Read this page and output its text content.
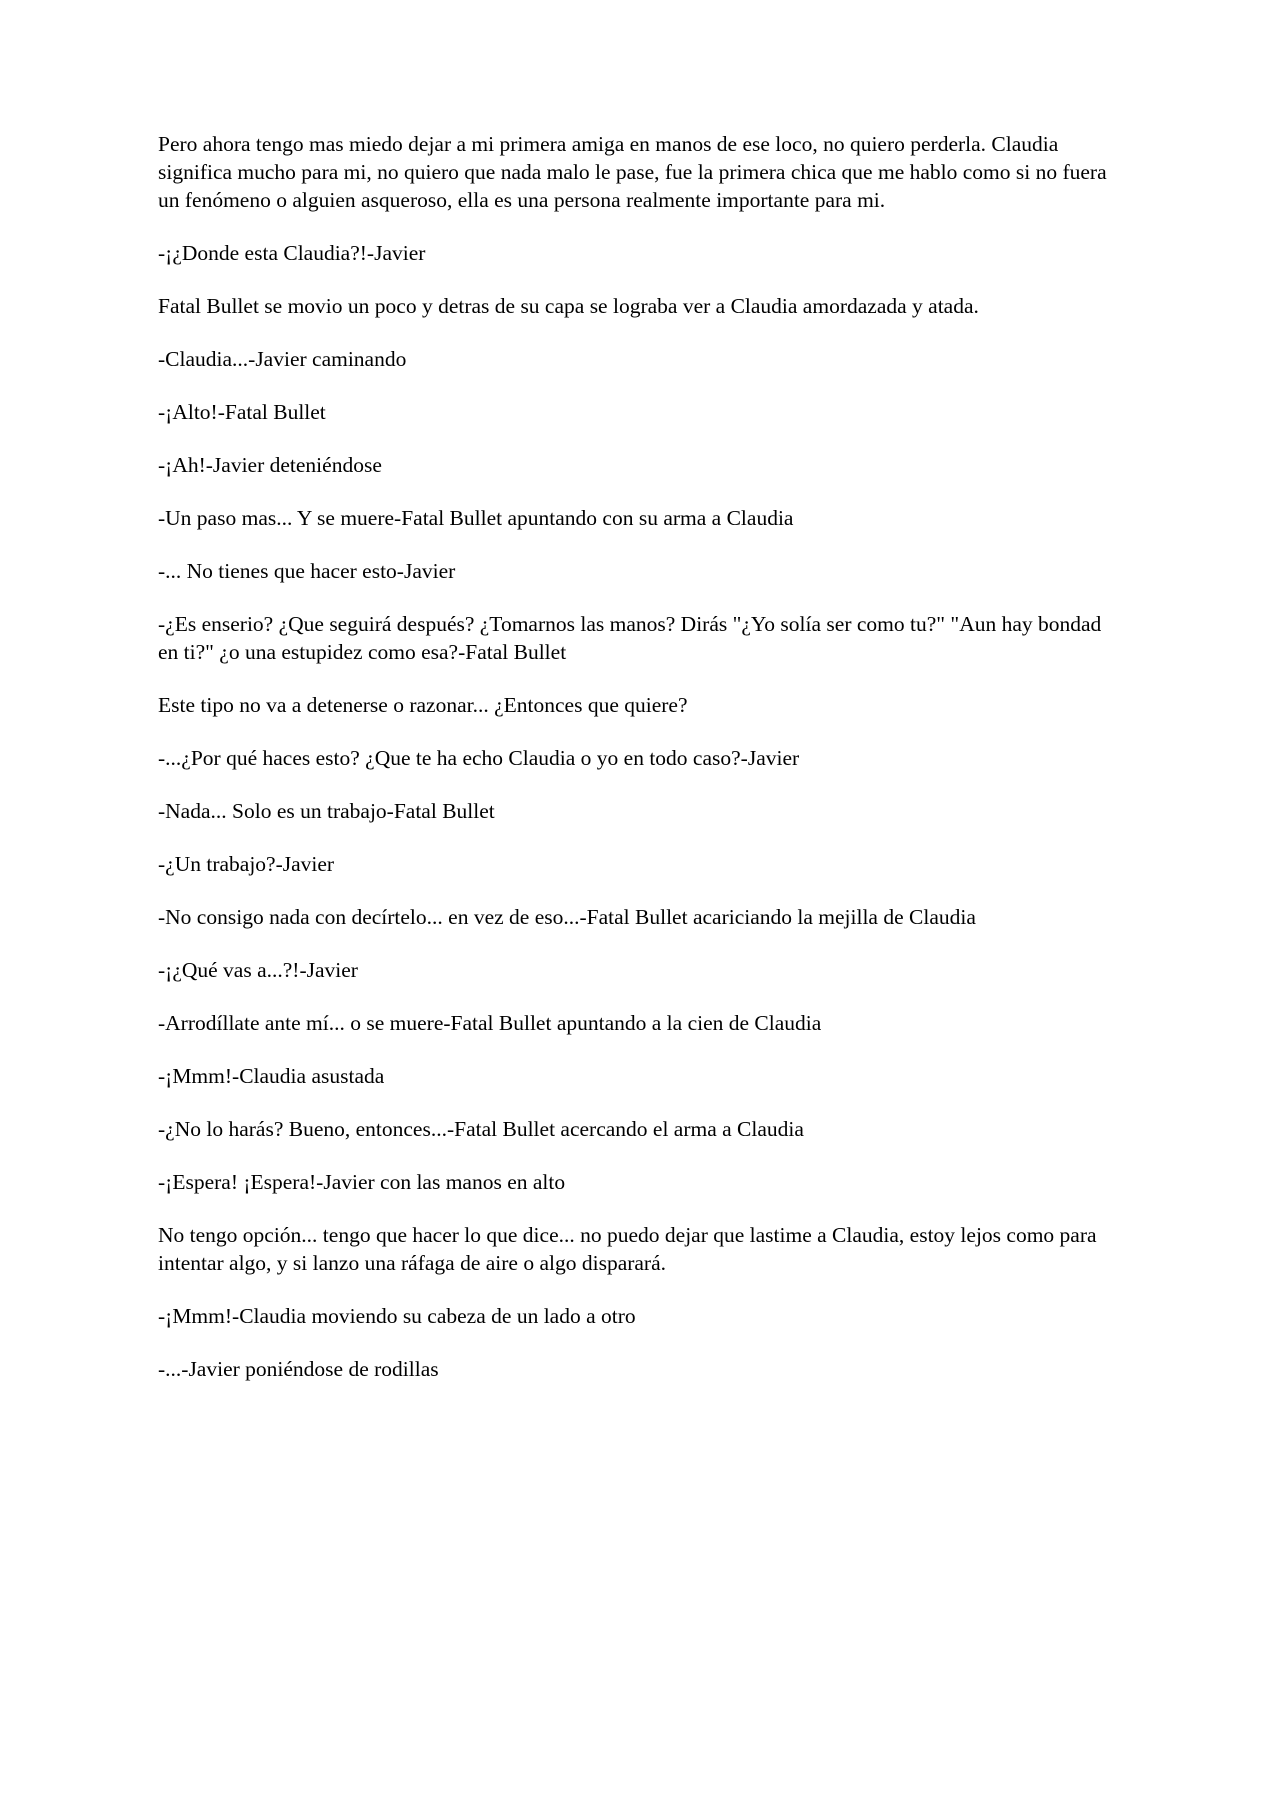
Pero ahora tengo mas miedo dejar a mi primera amiga en manos de ese loco, no quiero perderla. Claudia significa mucho para mi, no quiero que nada malo le pase, fue la primera chica que me hablo como si no fuera un fenómeno o alguien asqueroso, ella es una persona realmente importante para mi.

-¡¿Donde esta Claudia?!-Javier

Fatal Bullet se movio un poco y detras de su capa se lograba ver a Claudia amordazada y atada.

-Claudia...-Javier caminando

-¡Alto!-Fatal Bullet

-¡Ah!-Javier deteniéndose

-Un paso mas... Y se muere-Fatal Bullet apuntando con su arma a Claudia

-... No tienes que hacer esto-Javier

-¿Es enserio? ¿Que seguirá después? ¿Tomarnos las manos? Dirás "¿Yo solía ser como tu?" "Aun hay bondad en ti?" ¿o una estupidez como esa?-Fatal Bullet

Este tipo no va a detenerse o razonar... ¿Entonces que quiere?

-...¿Por qué haces esto? ¿Que te ha echo Claudia o yo en todo caso?-Javier

-Nada... Solo es un trabajo-Fatal Bullet

-¿Un trabajo?-Javier

-No consigo nada con decírtelo... en vez de eso...-Fatal Bullet acariciando la mejilla de Claudia

-¡¿Qué vas a...?!-Javier

-Arrodíllate ante mí... o se muere-Fatal Bullet apuntando a la cien de Claudia

-¡Mmm!-Claudia asustada

-¿No lo harás? Bueno, entonces...-Fatal Bullet acercando el arma a Claudia

-¡Espera! ¡Espera!-Javier con las manos en alto

No tengo opción... tengo que hacer lo que dice... no puedo dejar que lastime a Claudia, estoy lejos como para intentar algo, y si lanzo una ráfaga de aire o algo disparará.

-¡Mmm!-Claudia moviendo su cabeza de un lado a otro

-...-Javier poniéndose de rodillas
